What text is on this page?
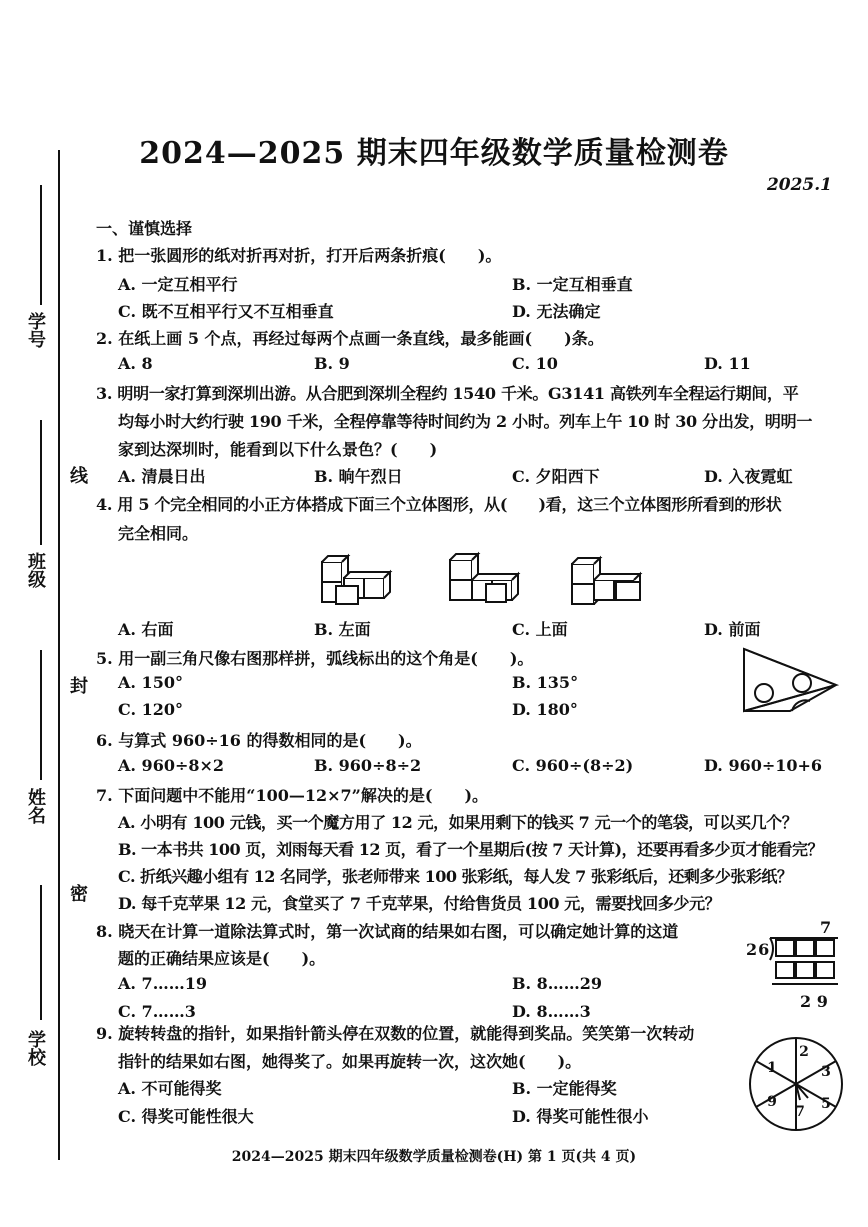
学号
班级
姓名
学校
线
封
密
2024—2025 期末四年级数学质量检测卷
2025.1
一、谨慎选择
1. 把一张圆形的纸对折再对折，打开后两条折痕(　　)。
A. 一定互相平行	B. 一定互相垂直
C. 既不互相平行又不互相垂直	D. 无法确定
2. 在纸上画 5 个点，再经过每两个点画一条直线，最多能画(　　)条。
A. 8	B. 9	C. 10	D. 11
3. 明明一家打算到深圳出游。从合肥到深圳全程约 1540 千米。G3141 高铁列车全程运行期间，平
均每小时大约行驶 190 千米，全程停靠等待时间约为 2 小时。列车上午 10 时 30 分出发，明明一
家到达深圳时，能看到以下什么景色？(　　)
A. 清晨日出	B. 晌午烈日	C. 夕阳西下	D. 入夜霓虹
4. 用 5 个完全相同的小正方体搭成下面三个立体图形，从(　　)看，这三个立体图形所看到的形状
完全相同。
A. 右面	B. 左面	C. 上面	D. 前面
5. 用一副三角尺像右图那样拼，弧线标出的这个角是(　　)。
A. 150°	B. 135°
C. 120°	D. 180°
6. 与算式 960÷16 的得数相同的是(　　)。
A. 960÷8×2	B. 960÷8÷2	C. 960÷(8÷2)	D. 960÷10+6
7. 下面问题中不能用“100—12×7”解决的是(　　)。
A. 小明有 100 元钱，买一个魔方用了 12 元，如果用剩下的钱买 7 元一个的笔袋，可以买几个？
B. 一本书共 100 页，刘雨每天看 12 页，看了一个星期后(按 7 天计算)，还要再看多少页才能看完？
C. 折纸兴趣小组有 12 名同学，张老师带来 100 张彩纸，每人发 7 张彩纸后，还剩多少张彩纸？
D. 每千克苹果 12 元，食堂买了 7 千克苹果，付给售货员 100 元，需要找回多少元？
8. 晓天在计算一道除法算式时，第一次试商的结果如右图，可以确定她计算的这道
题的正确结果应该是(　　)。
A. 7……19	B. 8……29
C. 7……3	D. 8……3
7
26
2 9
9. 旋转转盘的指针，如果指针箭头停在双数的位置，就能得到奖品。笑笑第一次转动
指针的结果如右图，她得奖了。如果再旋转一次，这次她(　　)。
A. 不可能得奖	B. 一定能得奖
C. 得奖可能性很大	D. 得奖可能性很小
2
3
5
7
9
1
2024—2025 期末四年级数学质量检测卷(H) 第 1 页(共 4 页)
